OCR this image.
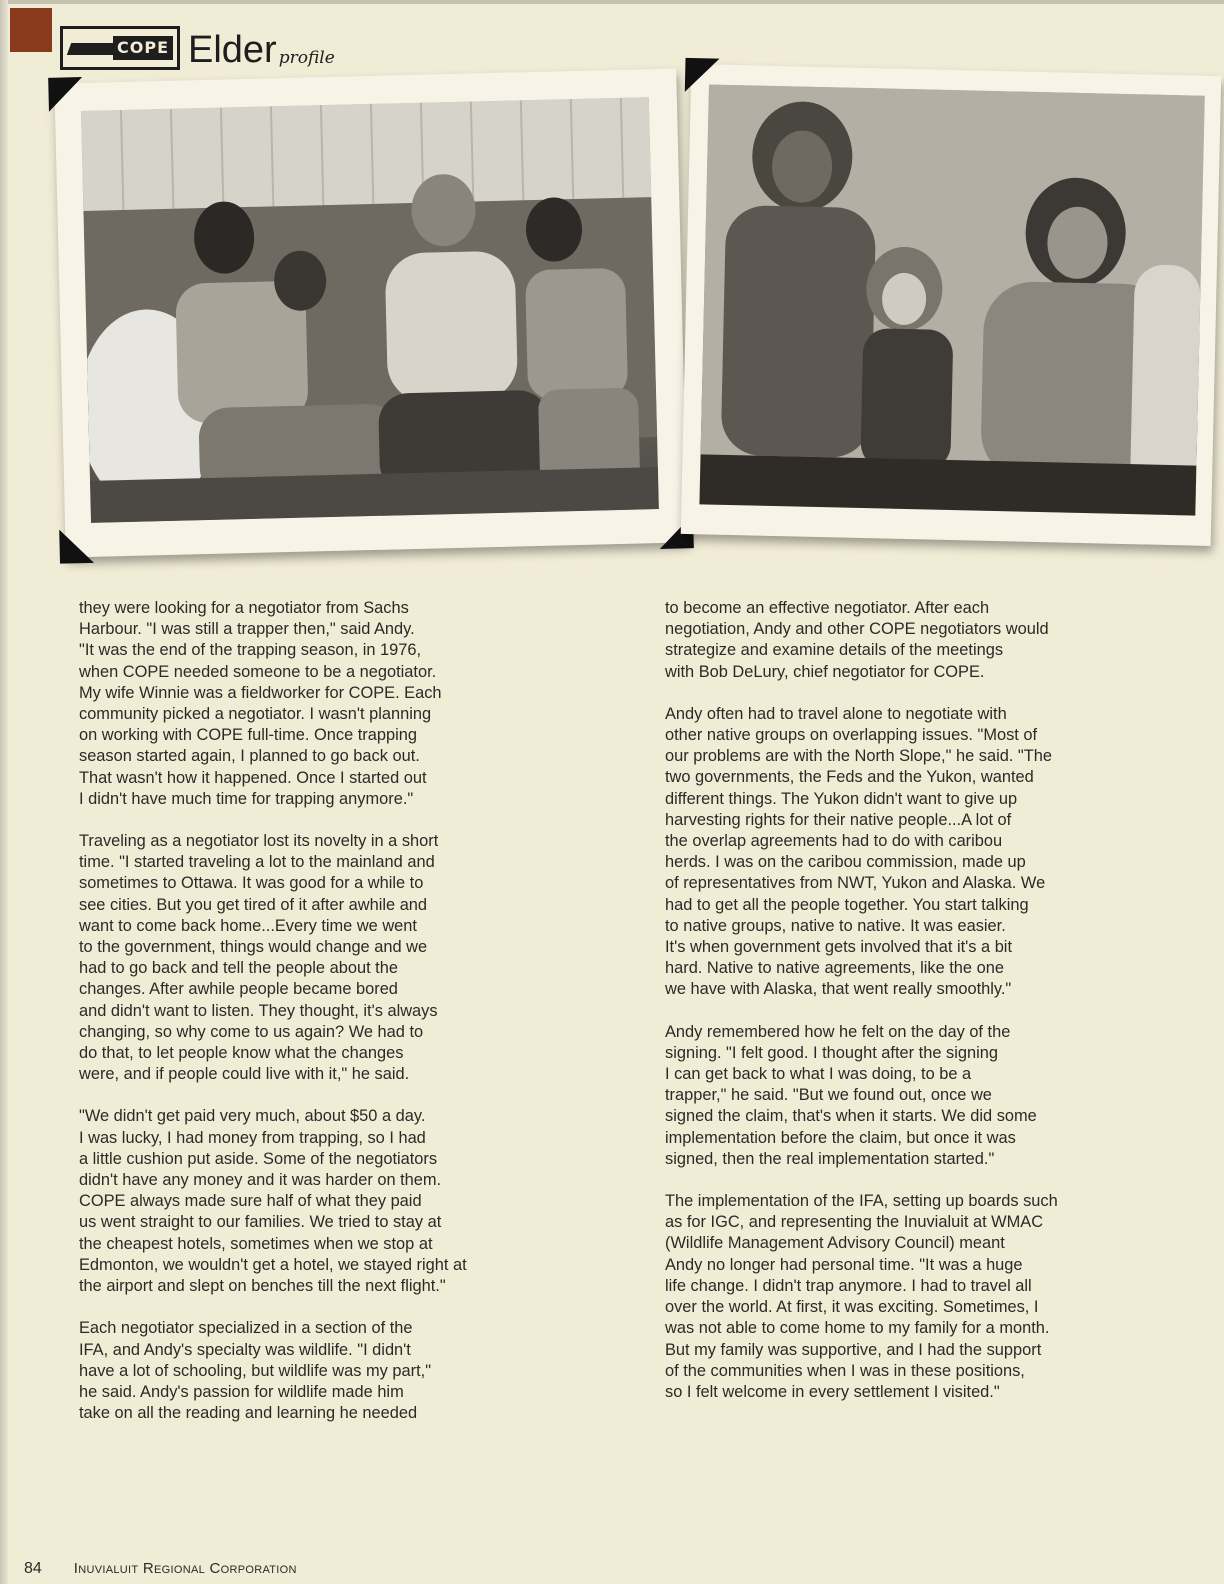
COPE Elder profile

they were looking for a negotiator from Sachs
Harbour. "I was still a trapper then," said Andy.
"It was the end of the trapping season, in 1976,
when COPE needed someone to be a negotiator.
My wife Winnie was a fieldworker for COPE. Each
community picked a negotiator. I wasn't planning
on working with COPE full-time. Once trapping
season started again, I planned to go back out.
That wasn't how it happened. Once I started out
I didn't have much time for trapping anymore."

Traveling as a negotiator lost its novelty in a short
time. "I started traveling a lot to the mainland and
sometimes to Ottawa. It was good for a while to
see cities. But you get tired of it after awhile and
want to come back home...Every time we went
to the government, things would change and we
had to go back and tell the people about the
changes. After awhile people became bored
and didn't want to listen. They thought, it's always
changing, so why come to us again? We had to
do that, to let people know what the changes
were, and if people could live with it," he said.

"We didn't get paid very much, about $50 a day.
I was lucky, I had money from trapping, so I had
a little cushion put aside. Some of the negotiators
didn't have any money and it was harder on them.
COPE always made sure half of what they paid
us went straight to our families. We tried to stay at
the cheapest hotels, sometimes when we stop at
Edmonton, we wouldn't get a hotel, we stayed right at
the airport and slept on benches till the next flight."

Each negotiator specialized in a section of the
IFA, and Andy's specialty was wildlife. "I didn't
have a lot of schooling, but wildlife was my part,"
he said. Andy's passion for wildlife made him
take on all the reading and learning he needed

to become an effective negotiator. After each
negotiation, Andy and other COPE negotiators would
strategize and examine details of the meetings
with Bob DeLury, chief negotiator for COPE.

Andy often had to travel alone to negotiate with
other native groups on overlapping issues. "Most of
our problems are with the North Slope," he said. "The
two governments, the Feds and the Yukon, wanted
different things. The Yukon didn't want to give up
harvesting rights for their native people...A lot of
the overlap agreements had to do with caribou
herds. I was on the caribou commission, made up
of representatives from NWT, Yukon and Alaska. We
had to get all the people together. You start talking
to native groups, native to native. It was easier.
It's when government gets involved that it's a bit
hard. Native to native agreements, like the one
we have with Alaska, that went really smoothly."

Andy remembered how he felt on the day of the
signing. "I felt good. I thought after the signing
I can get back to what I was doing, to be a
trapper," he said. "But we found out, once we
signed the claim, that's when it starts. We did some
implementation before the claim, but once it was
signed, then the real implementation started."

The implementation of the IFA, setting up boards such
as for IGC, and representing the Inuvialuit at WMAC
(Wildlife Management Advisory Council) meant
Andy no longer had personal time. "It was a huge
life change. I didn't trap anymore. I had to travel all
over the world. At first, it was exciting. Sometimes, I
was not able to come home to my family for a month.
But my family was supportive, and I had the support
of the communities when I was in these positions,
so I felt welcome in every settlement I visited."

84 Inuvialuit Regional Corporation
